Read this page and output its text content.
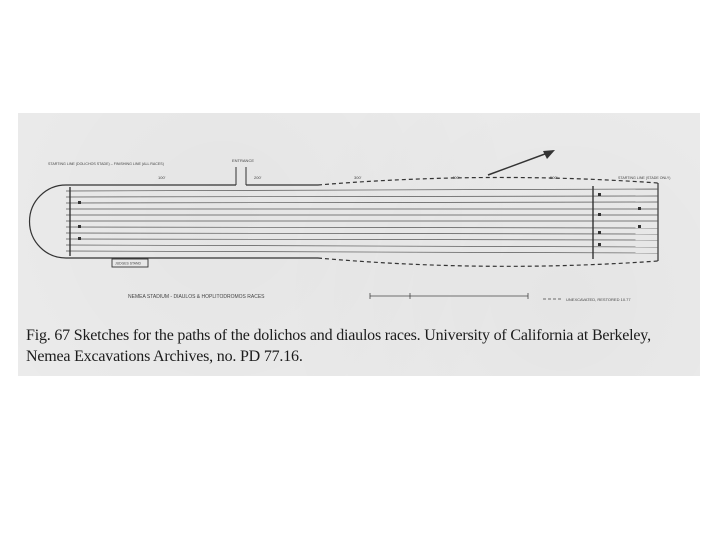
ENTRANCE
100'	200'	300'	400'	500'
STARTING LINE (DOLICHOS STADE) – FINISHING LINE (ALL RACES)
STARTING LINE (STADE ONLY)
JUDGES STAND
NEMEA STADIUM - DIAULOS & HOPLITODROMOS RACES	UNEXCAVATED, RESTORED 10.77
Fig. 67 Sketches for the paths of the dolichos and diaulos races. University of California at Berkeley, Nemea Excavations Archives, no. PD 77.16.
